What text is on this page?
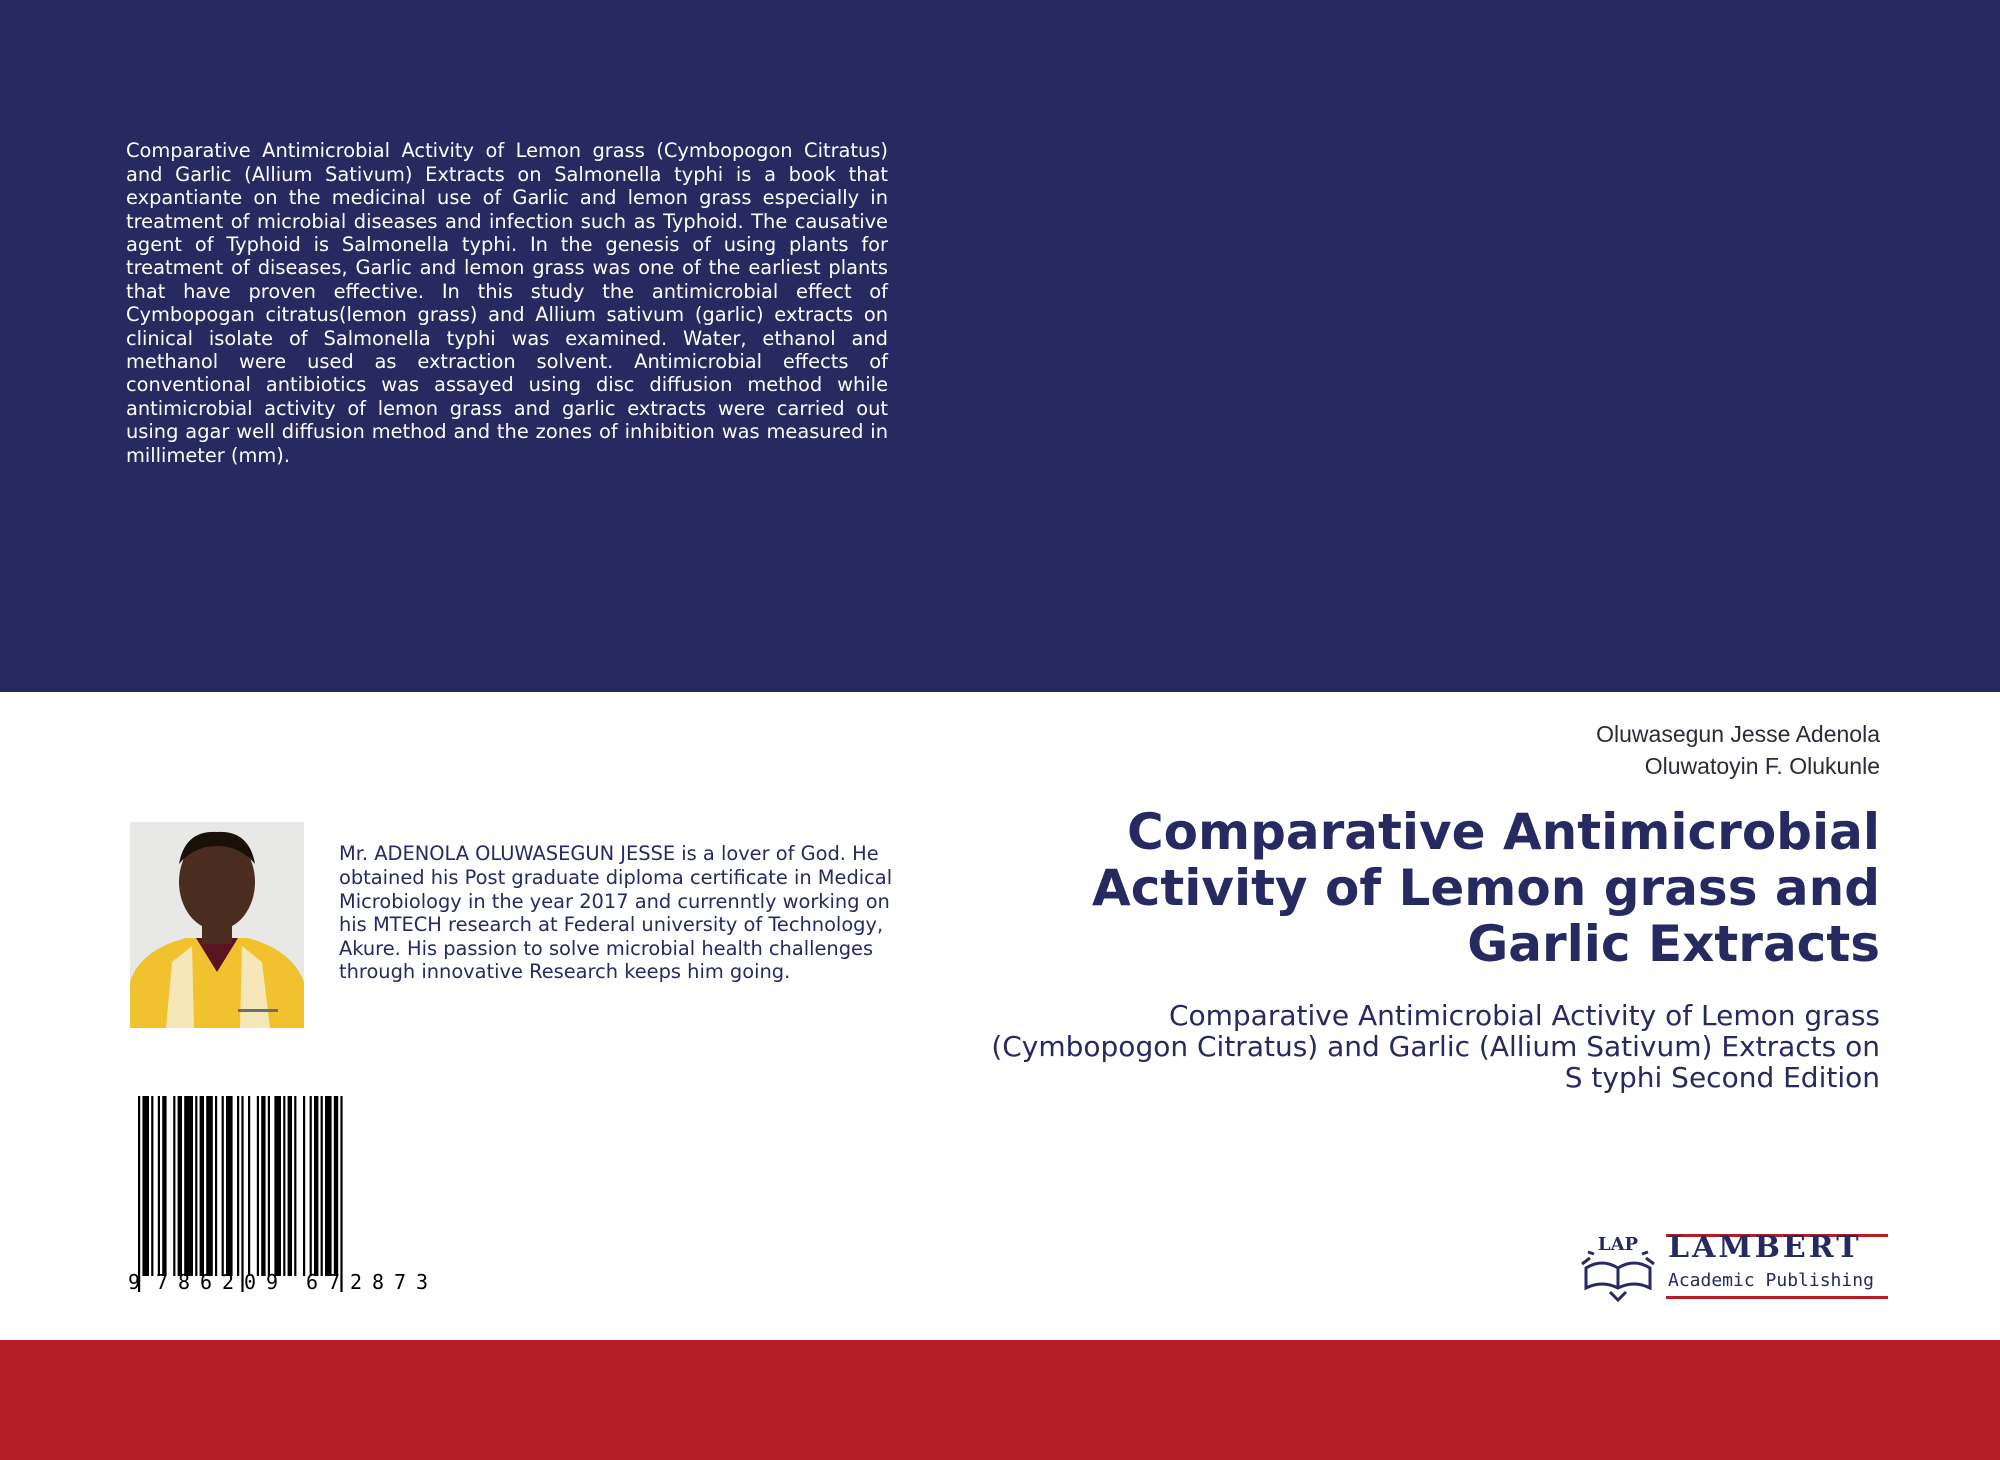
Comparative Antimicrobial Activity of Lemon grass (Cymbopogon Citratus) and Garlic (Allium Sativum) Extracts on Salmonella typhi is a book that expantiante on the medicinal use of Garlic and lemon grass especially in treatment of microbial diseases and infection such as Typhoid. The causative agent of Typhoid is Salmonella typhi. In the genesis of using plants for treatment of diseases, Garlic and lemon grass was one of the earliest plants that have proven effective. In this study the antimicrobial effect of Cymbopogan citratus(lemon grass) and Allium sativum (garlic) extracts on clinical isolate of Salmonella typhi was examined. Water, ethanol and methanol were used as extraction solvent. Antimicrobial effects of conventional antibiotics was assayed using disc diffusion method while antimicrobial activity of lemon grass and garlic extracts were carried out using agar well diffusion method and the zones of inhibition was measured in millimeter (mm).

Oluwasegun Jesse Adenola
Oluwatoyin F. Olukunle
Comparative Antimicrobial Activity of Lemon grass and Garlic Extracts
Comparative Antimicrobial Activity of Lemon grass (Cymbopogon Citratus) and Garlic (Allium Sativum) Extracts on S typhi Second Edition

Mr. ADENOLA OLUWASEGUN JESSE is a lover of God. He obtained his Post graduate diploma certificate in Medical Microbiology in the year 2017 and currenntly working on his MTECH research at Federal university of Technology, Akure. His passion to solve microbial health challenges through innovative Research keeps him going.

9 7 8 6 2 0 9 6 7 2 8 7 3
LAP LAMBERT
Academic Publishing
